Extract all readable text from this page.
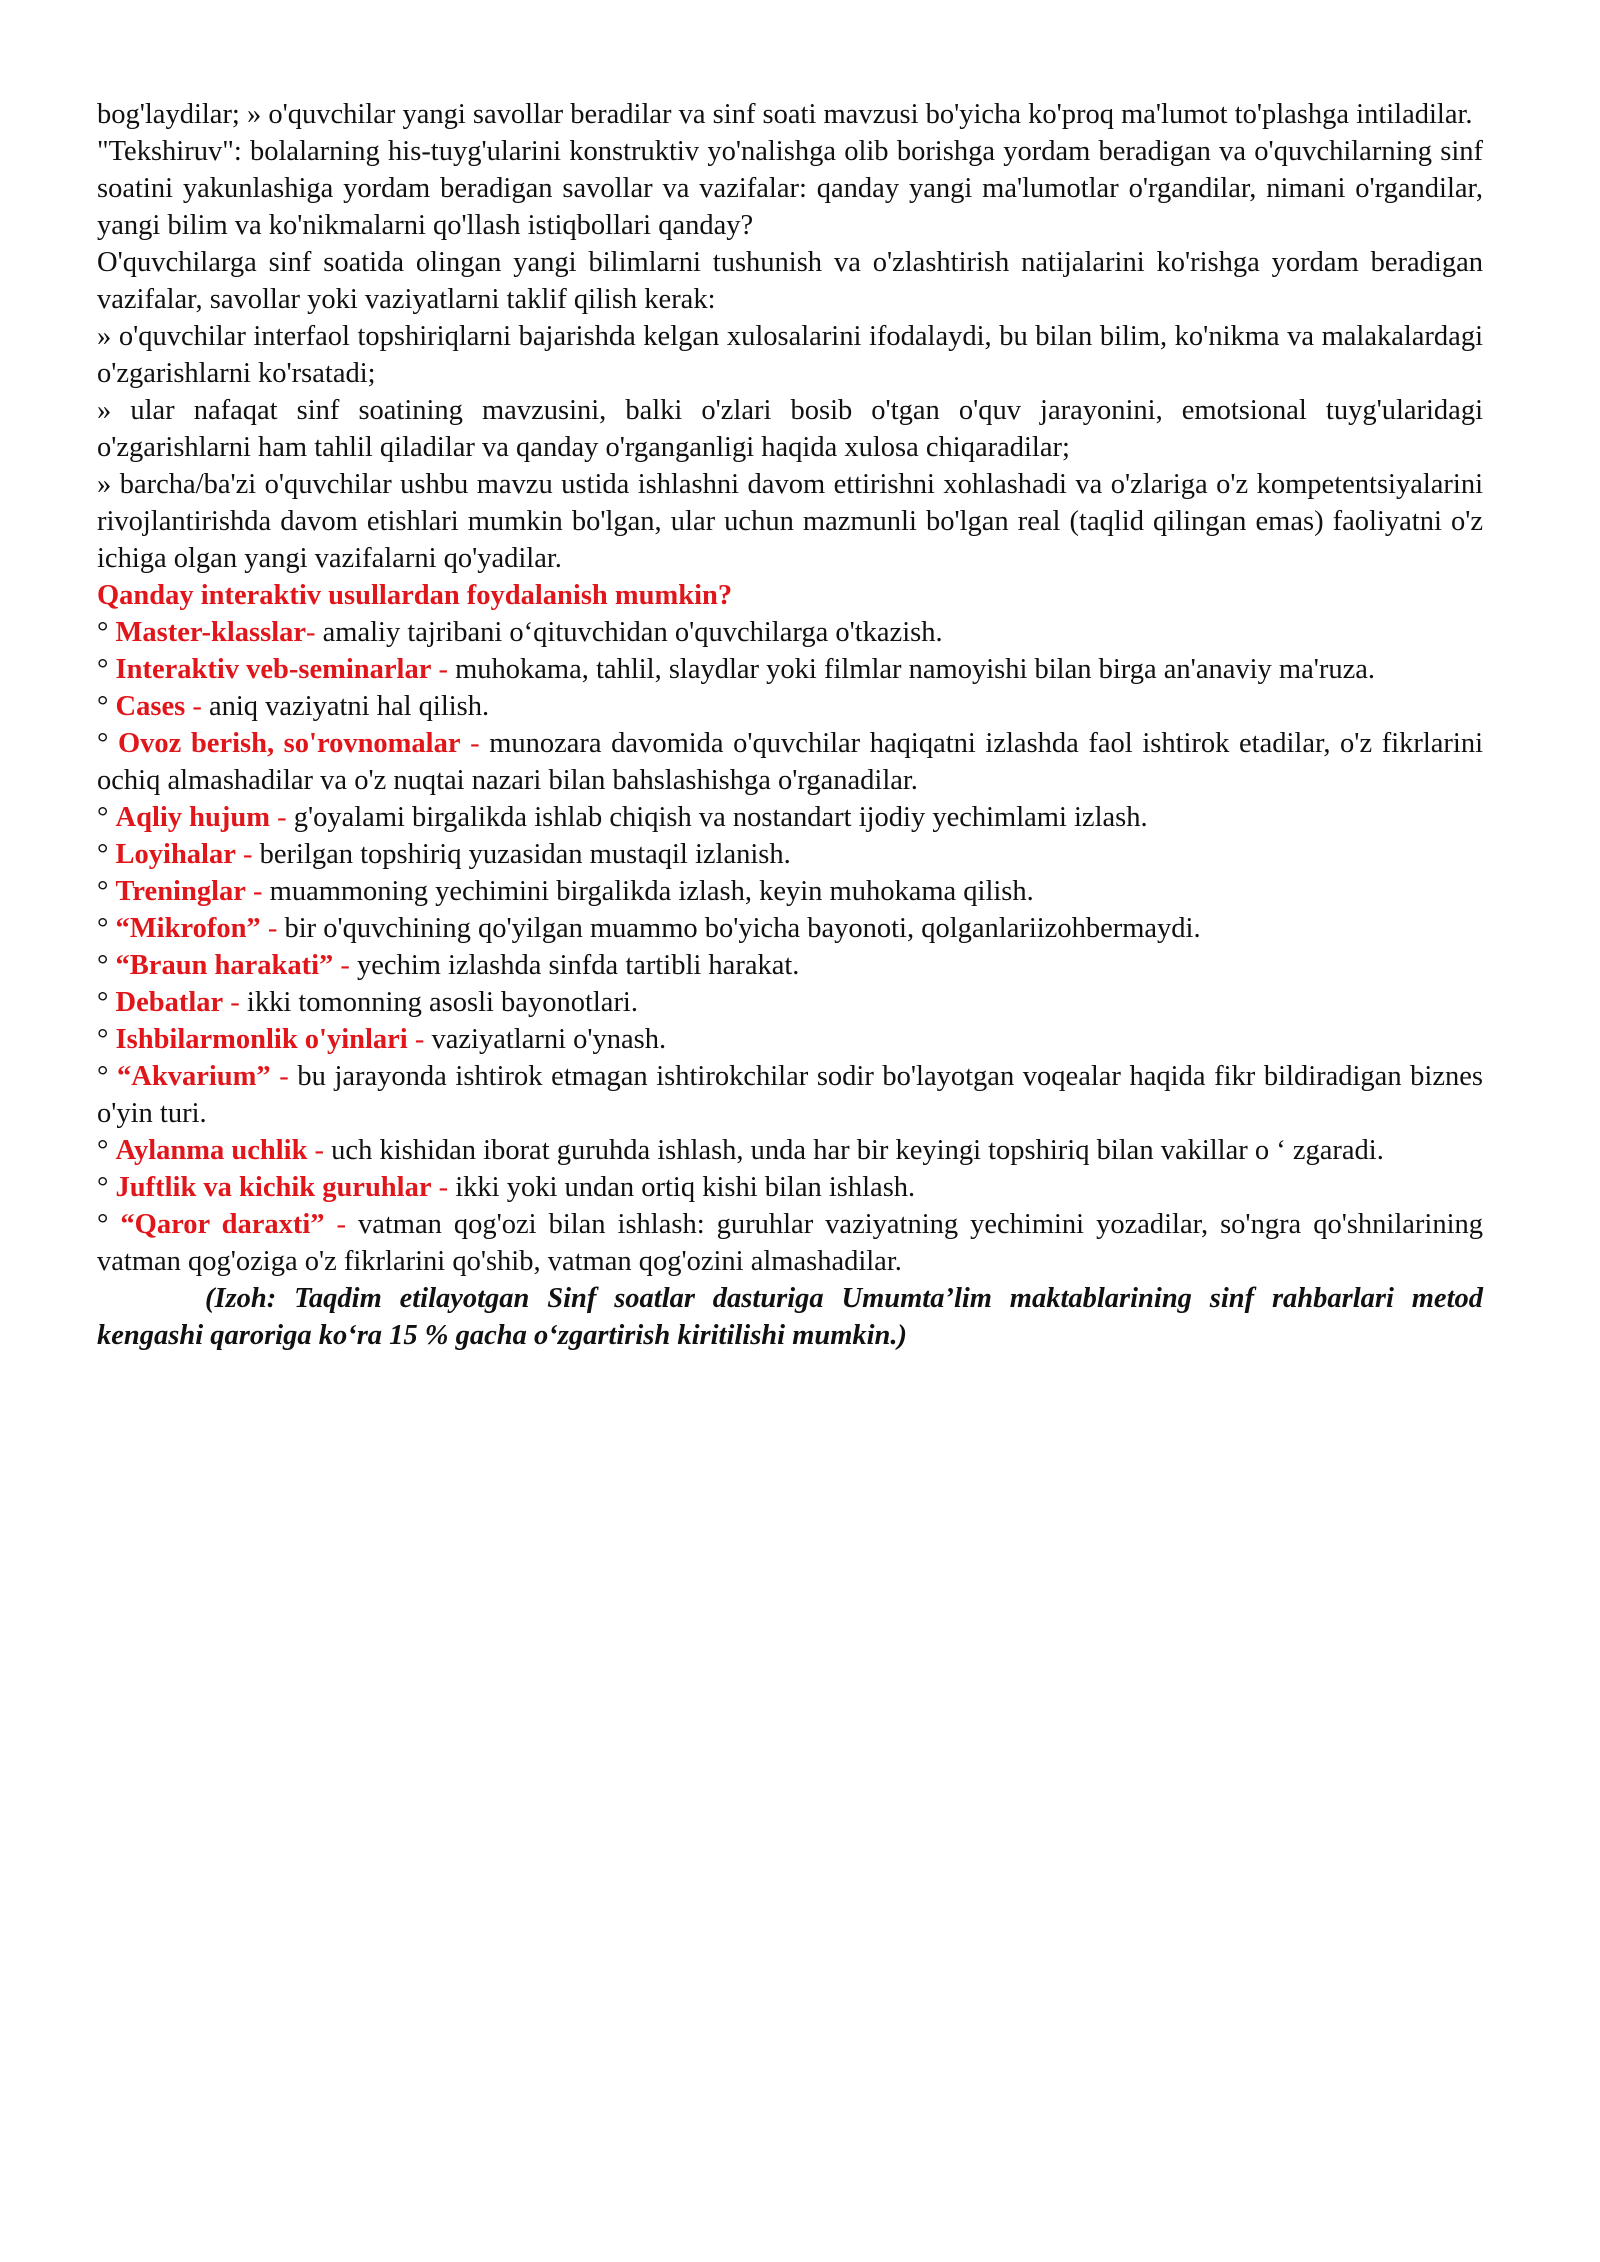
bog'laydilar; » o'quvchilar yangi savollar beradilar va sinf soati mavzusi bo'yicha ko'proq ma'lumot to'plashga intiladilar.

"Tekshiruv": bolalarning his-tuyg'ularini konstruktiv yo'nalishga olib borishga yordam beradigan va o'quvchilarning sinf soatini yakunlashiga yordam beradigan savollar va vazifalar: qanday yangi ma'lumotlar o'rgandilar, nimani o'rgandilar, yangi bilim va ko'nikmalarni qo'llash istiqbollari qanday?

O'quvchilarga sinf soatida olingan yangi bilimlarni tushunish va o'zlashtirish natijalarini ko'rishga yordam beradigan vazifalar, savollar yoki vaziyatlarni taklif qilish kerak:

» o'quvchilar interfaol topshiriqlarni bajarishda kelgan xulosalarini ifodalaydi, bu bilan bilim, ko'nikma va malakalardagi o'zgarishlarni ko'rsatadi;

» ular nafaqat sinf soatining mavzusini, balki o'zlari bosib o'tgan o'quv jarayonini, emotsional tuyg'ularidagi o'zgarishlarni ham tahlil qiladilar va qanday o'rganganligi haqida xulosa chiqaradilar;

» barcha/ba'zi o'quvchilar ushbu mavzu ustida ishlashni davom ettirishni xohlashadi va o'zlariga o'z kompetentsiyalarini rivojlantirishda davom etishlari mumkin bo'lgan, ular uchun mazmunli bo'lgan real (taqlid qilingan emas) faoliyatni o'z ichiga olgan yangi vazifalarni qo'yadilar.

Qanday interaktiv usullardan foydalanish mumkin?

° Master-klasslar- amaliy tajribani o‘qituvchidan o'quvchilarga o'tkazish.

° Interaktiv veb-seminarlar - muhokama, tahlil, slaydlar yoki filmlar namoyishi bilan birga an'anaviy ma'ruza.

° Cases - aniq vaziyatni hal qilish.

° Ovoz berish, so'rovnomalar - munozara davomida o'quvchilar haqiqatni izlashda faol ishtirok etadilar, o'z fikrlarini ochiq almashadilar va o'z nuqtai nazari bilan bahslashishga o'rganadilar.

° Aqliy hujum - g'oyalami birgalikda ishlab chiqish va nostandart ijodiy yechimlami izlash.

° Loyihalar - berilgan topshiriq yuzasidan mustaqil izlanish.

° Treninglar - muammoning yechimini birgalikda izlash, keyin muhokama qilish.

° “Mikrofon” - bir o'quvchining qo'yilgan muammo bo'yicha bayonoti, qolganlariizohbermaydi.

° “Braun harakati” - yechim izlashda sinfda tartibli harakat.

° Debatlar - ikki tomonning asosli bayonotlari.

° Ishbilarmonlik o'yinlari - vaziyatlarni o'ynash.

° “Akvarium” - bu jarayonda ishtirok etmagan ishtirokchilar sodir bo'layotgan voqealar haqida fikr bildiradigan biznes o'yin turi.

° Aylanma uchlik - uch kishidan iborat guruhda ishlash, unda har bir keyingi topshiriq bilan vakillar o ‘ zgaradi.

° Juftlik va kichik guruhlar - ikki yoki undan ortiq kishi bilan ishlash.

° “Qaror daraxti” - vatman qog'ozi bilan ishlash: guruhlar vaziyatning yechimini yozadilar, so'ngra qo'shnilarining vatman qog'oziga o'z fikrlarini qo'shib, vatman qog'ozini almashadilar.

(Izoh: Taqdim etilayotgan Sinf soatlar dasturiga Umumta’lim maktablarining sinf rahbarlari metod kengashi qaroriga ko‘ra 15 % gacha o‘zgartirish kiritilishi mumkin.)
